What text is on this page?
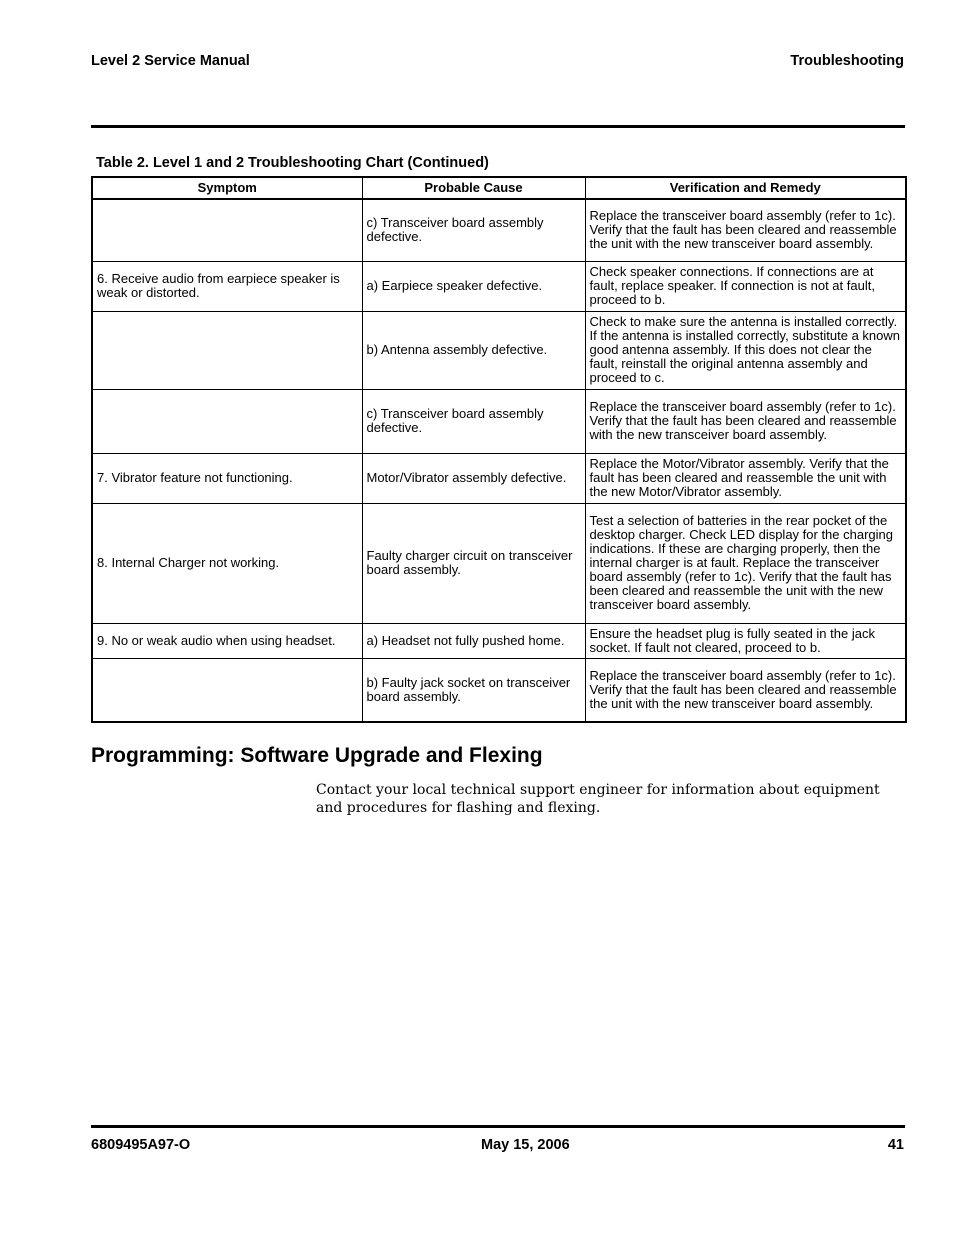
Level 2 Service Manual	Troubleshooting
Table 2. Level 1 and 2 Troubleshooting Chart (Continued)
Symptom	Probable Cause	Verification and Remedy
	c) Transceiver board assembly defective.	Replace the transceiver board assembly (refer to 1c). Verify that the fault has been cleared and reassemble the unit with the new transceiver board assembly.
6. Receive audio from earpiece speaker is weak or distorted.	a) Earpiece speaker defective.	Check speaker connections. If connections are at fault, replace speaker. If connection is not at fault, proceed to b.
	b) Antenna assembly defective.	Check to make sure the antenna is installed correctly. If the antenna is installed correctly, substitute a known good antenna assembly. If this does not clear the fault, reinstall the original antenna assembly and proceed to c.
	c) Transceiver board assembly defective.	Replace the transceiver board assembly (refer to 1c). Verify that the fault has been cleared and reassemble with the new transceiver board assembly.
7. Vibrator feature not functioning.	Motor/Vibrator assembly defective.	Replace the Motor/Vibrator assembly. Verify that the fault has been cleared and reassemble the unit with the new Motor/Vibrator assembly.
8. Internal Charger not working.	Faulty charger circuit on transceiver board assembly.	Test a selection of batteries in the rear pocket of the desktop charger. Check LED display for the charging indications. If these are charging properly, then the internal charger is at fault. Replace the transceiver board assembly (refer to 1c). Verify that the fault has been cleared and reassemble the unit with the new transceiver board assembly.
9. No or weak audio when using headset.	a) Headset not fully pushed home.	Ensure the headset plug is fully seated in the jack socket. If fault not cleared, proceed to b.
	b) Faulty jack socket on transceiver board assembly.	Replace the transceiver board assembly (refer to 1c). Verify that the fault has been cleared and reassemble the unit with the new transceiver board assembly.
Programming: Software Upgrade and Flexing
Contact your local technical support engineer for information about equipment and procedures for flashing and flexing.
6809495A97-O	May 15, 2006	41
